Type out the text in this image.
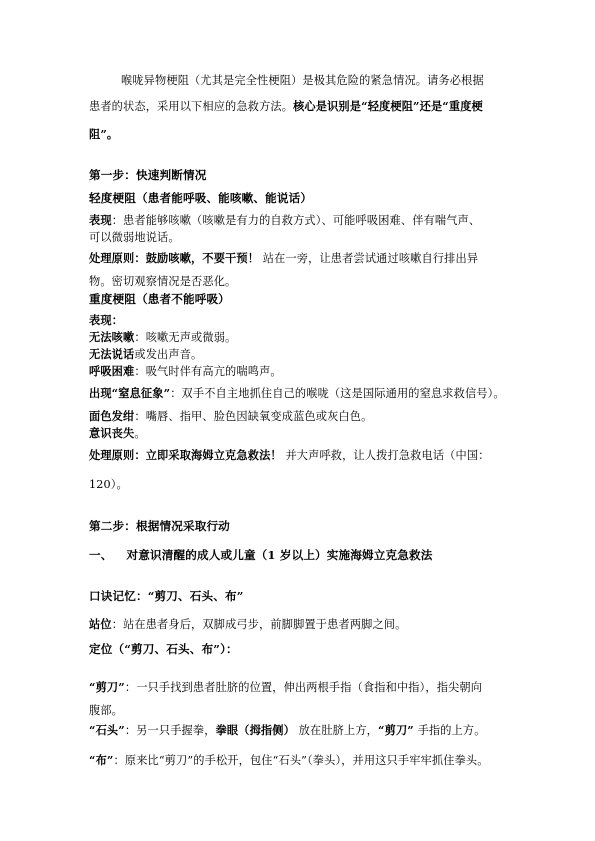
喉咙异物梗阻（尤其是完全性梗阻）是极其危险的紧急情况。请务必根据
患者的状态，采用以下相应的急救方法。核心是识别是“轻度梗阻”还是“重度梗
阻”。
第一步：快速判断情况
轻度梗阻（患者能呼吸、能咳嗽、能说话）
表现：患者能够咳嗽（咳嗽是有力的自救方式）、可能呼吸困难、伴有喘气声、
可以微弱地说话。
处理原则：鼓励咳嗽，不要干预！ 站在一旁，让患者尝试通过咳嗽自行排出异
物。密切观察情况是否恶化。
重度梗阻（患者不能呼吸）
表现：
无法咳嗽：咳嗽无声或微弱。
无法说话或发出声音。
呼吸困难：吸气时伴有高亢的喘鸣声。
出现“窒息征象”：双手不自主地抓住自己的喉咙（这是国际通用的窒息求救信号）。
面色发绀：嘴唇、指甲、脸色因缺氧变成蓝色或灰白色。
意识丧失。
处理原则：立即采取海姆立克急救法！ 并大声呼救，让人拨打急救电话（中国：
120）。
第二步：根据情况采取行动
一、 对意识清醒的成人或儿童（1 岁以上）实施海姆立克急救法
口诀记忆：“剪刀、石头、布”
站位：站在患者身后，双脚成弓步，前脚脚置于患者两脚之间。
定位（“剪刀、石头、布”）：
“剪刀”：一只手找到患者肚脐的位置，伸出两根手指（食指和中指），指尖朝向
腹部。
“石头”：另一只手握拳，拳眼（拇指侧） 放在肚脐上方，“剪刀” 手指的上方。
“布”：原来比“剪刀”的手松开，包住“石头”（拳头），并用这只手牢牢抓住拳头。
